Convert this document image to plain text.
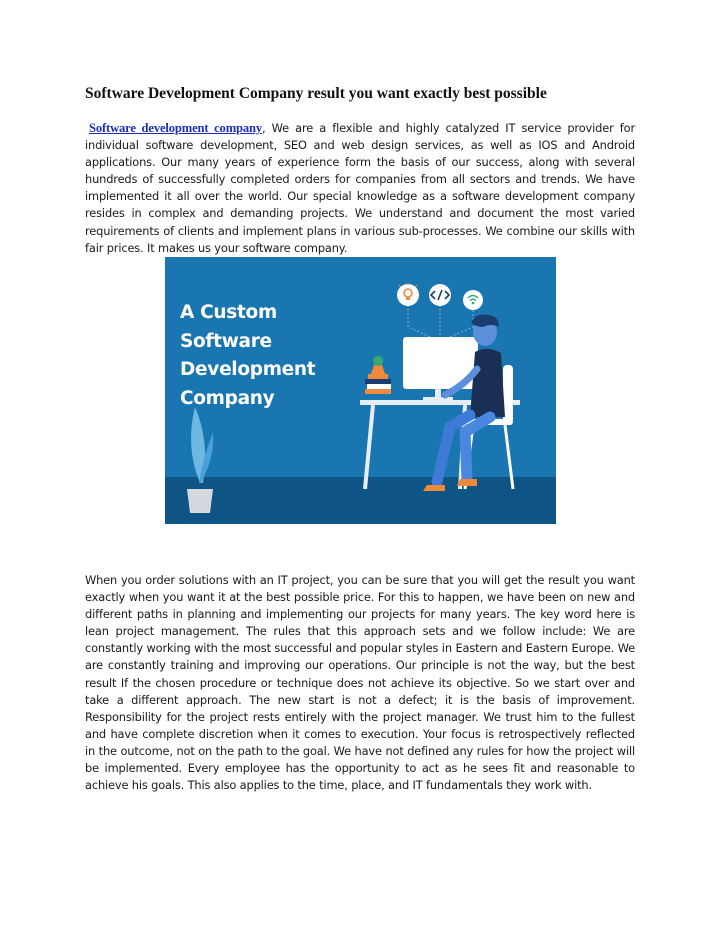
Software Development Company result you want exactly best possible

Software development company, We are a flexible and highly catalyzed IT service provider for individual software development, SEO and web design services, as well as IOS and Android applications. Our many years of experience form the basis of our success, along with several hundreds of successfully completed orders for companies from all sectors and trends. We have implemented it all over the world. Our special knowledge as a software development company resides in complex and demanding projects. We understand and document the most varied requirements of clients and implement plans in various sub-processes. We combine our skills with fair prices. It makes us your software company.

A Custom
Software
Development
Company

When you order solutions with an IT project, you can be sure that you will get the result you want exactly when you want it at the best possible price. For this to happen, we have been on new and different paths in planning and implementing our projects for many years. The key word here is lean project management. The rules that this approach sets and we follow include: We are constantly working with the most successful and popular styles in Eastern and Eastern Europe. We are constantly training and improving our operations. Our principle is not the way, but the best result If the chosen procedure or technique does not achieve its objective. So we start over and take a different approach. The new start is not a defect; it is the basis of improvement. Responsibility for the project rests entirely with the project manager. We trust him to the fullest and have complete discretion when it comes to execution. Your focus is retrospectively reflected in the outcome, not on the path to the goal. We have not defined any rules for how the project will be implemented. Every employee has the opportunity to act as he sees fit and reasonable to achieve his goals. This also applies to the time, place, and IT fundamentals they work with.
